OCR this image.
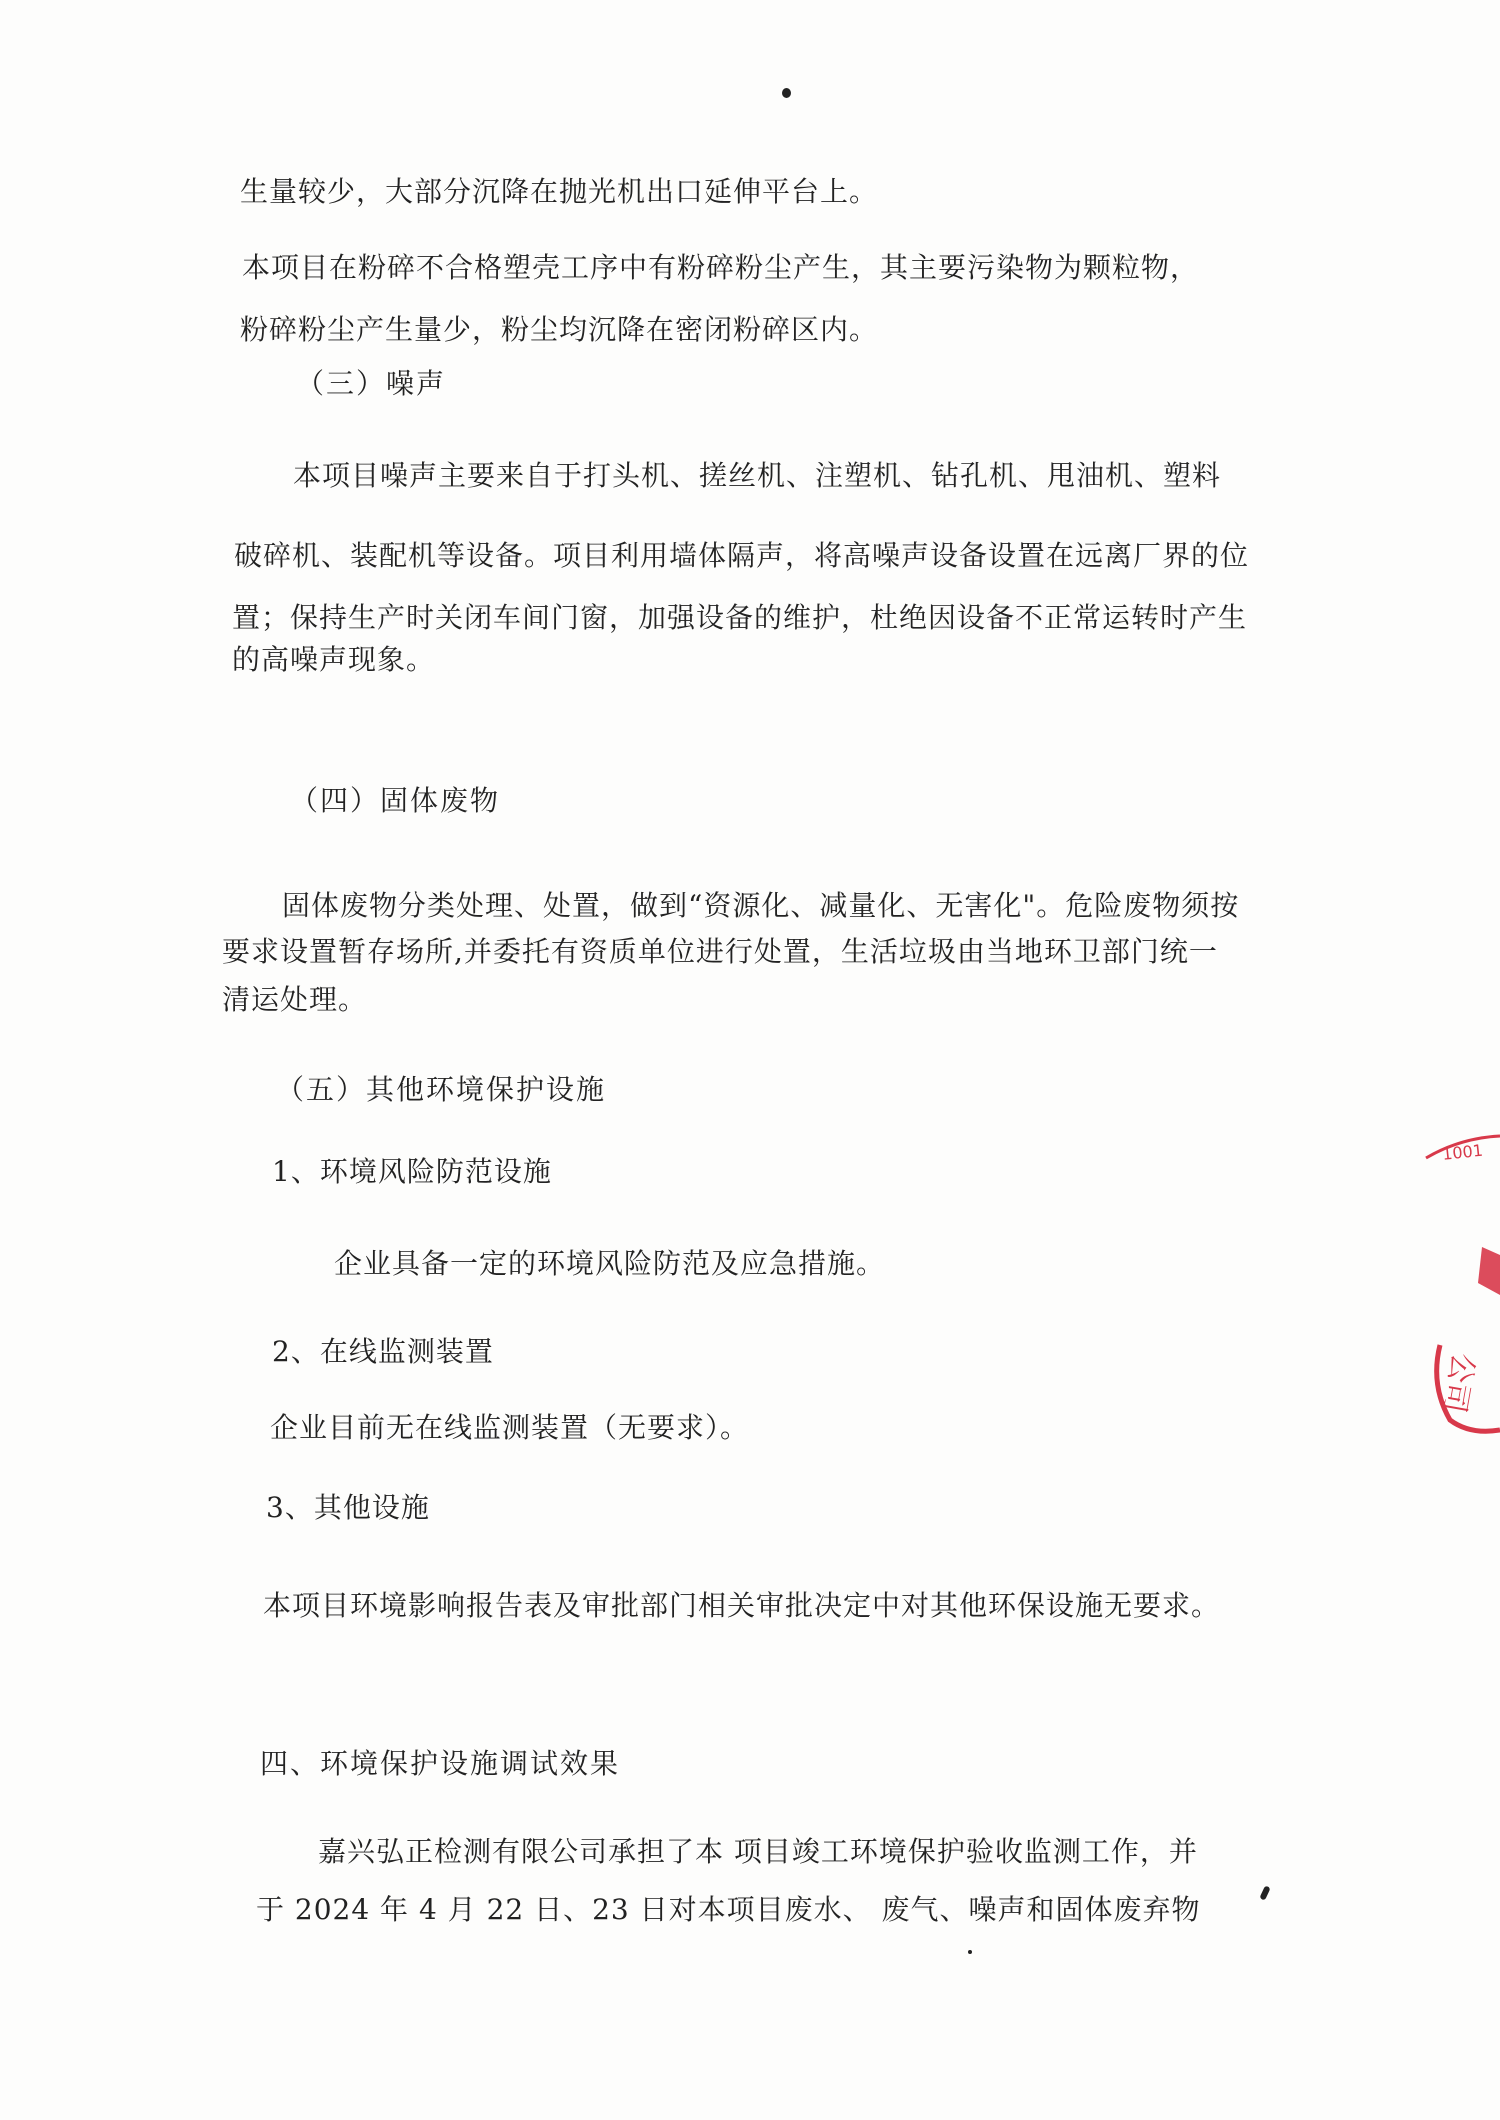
生量较少，大部分沉降在抛光机出口延伸平台上。
本项目在粉碎不合格塑壳工序中有粉碎粉尘产生，其主要污染物为颗粒物，
粉碎粉尘产生量少，粉尘均沉降在密闭粉碎区内。
（三）噪声
本项目噪声主要来自于打头机、搓丝机、注塑机、钻孔机、甩油机、塑料
破碎机、装配机等设备。项目利用墙体隔声，将高噪声设备设置在远离厂界的位
置；保持生产时关闭车间门窗，加强设备的维护，杜绝因设备不正常运转时产生
的高噪声现象。
（四）固体废物
固体废物分类处理、处置，做到“资源化、减量化、无害化"。危险废物须按
要求设置暂存场所,并委托有资质单位进行处置，生活垃圾由当地环卫部门统一
清运处理。
（五）其他环境保护设施
1、环境风险防范设施
企业具备一定的环境风险防范及应急措施。
2、在线监测装置
企业目前无在线监测装置（无要求）。
3、其他设施
本项目环境影响报告表及审批部门相关审批决定中对其他环保设施无要求。
四、环境保护设施调试效果
嘉兴弘正检测有限公司承担了本 项目竣工环境保护验收监测工作，并
于 2024 年 4 月 22 日、23 日对本项目废水、 废气、噪声和固体废弃物
1001
公司
